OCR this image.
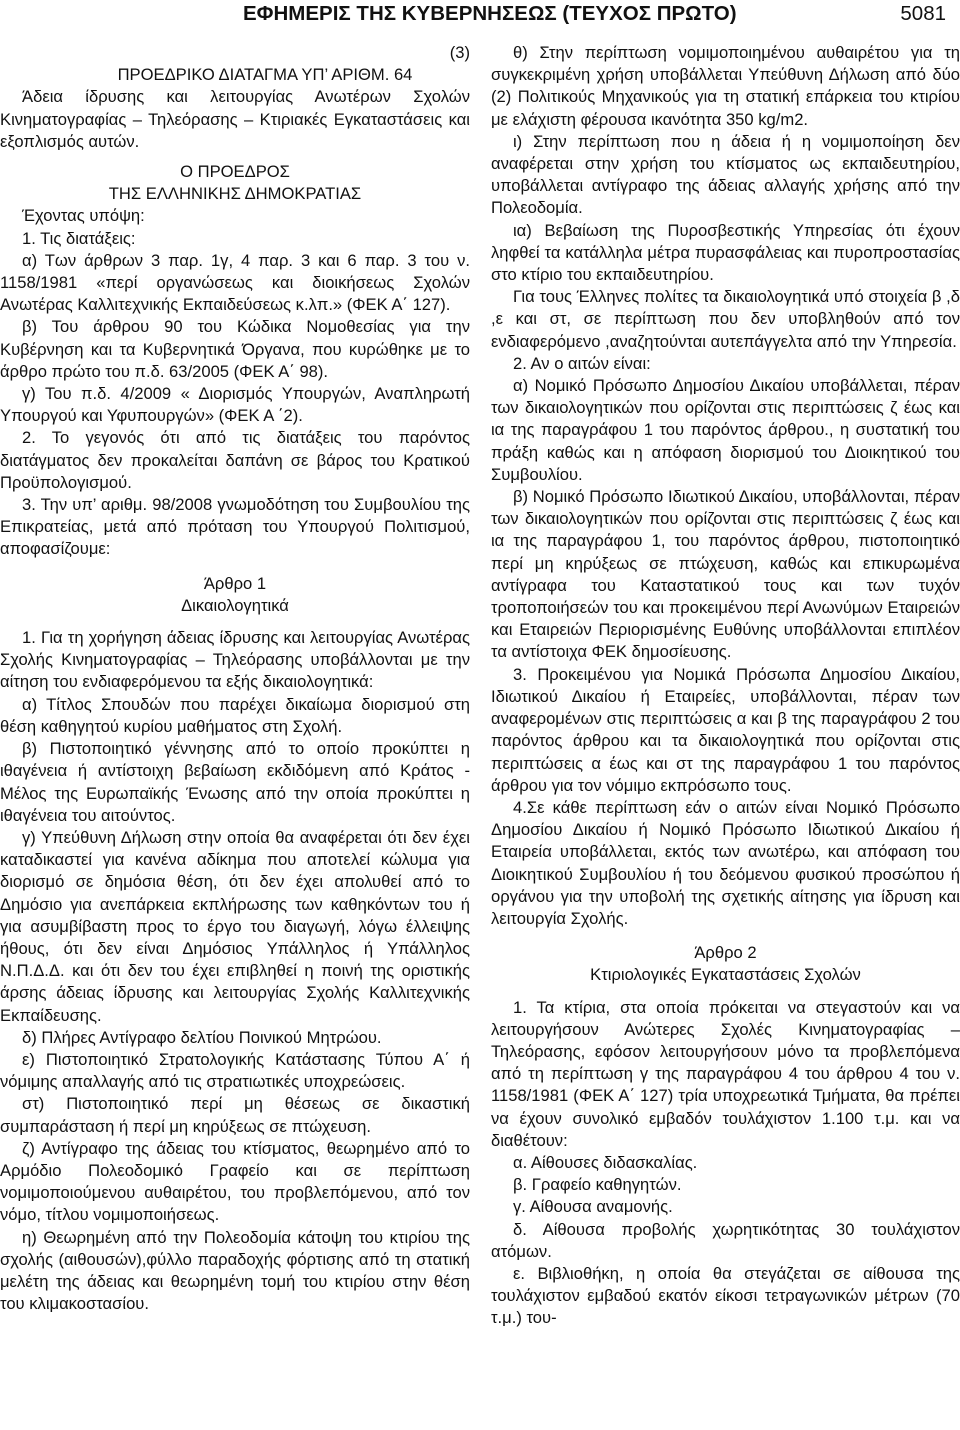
ΕΦΗΜΕΡΙΣ ΤΗΣ ΚΥΒΕΡΝΗΣΕΩΣ (ΤΕΥΧΟΣ ΠΡΩΤΟ)	5081

(3)

ΠΡΟΕΔΡΙΚΟ ΔΙΑΤΑΓΜΑ ΥΠ’ ΑΡΙΘΜ. 64

Άδεια ίδρυσης και λειτουργίας Ανωτέρων Σχολών Κινηματογραφίας – Τηλεόρασης – Κτιριακές Εγκαταστάσεις και εξοπλισμός αυτών.

Ο ΠΡΟΕΔΡΟΣ

ΤΗΣ ΕΛΛΗΝΙΚΗΣ ΔΗΜΟΚΡΑΤΙΑΣ

Έχοντας υπόψη:

1. Τις διατάξεις:

α) Των άρθρων 3 παρ. 1γ, 4 παρ. 3 και 6 παρ. 3 του ν. 1158/1981 «περί οργανώσεως και διοικήσεως Σχολών Ανωτέρας Καλλιτεχνικής Εκπαιδεύσεως κ.λπ.» (ΦΕΚ Α΄ 127).

β) Του άρθρου 90 του Κώδικα Νομοθεσίας για την Κυβέρνηση και τα Κυβερνητικά Όργανα, που κυρώθηκε με το άρθρο πρώτο του π.δ. 63/2005 (ΦΕΚ Α΄ 98).

γ) Του π.δ. 4/2009 « Διορισμός Υπουργών, Αναπληρωτή Υπουργού και Υφυπουργών» (ΦΕΚ Α ΄2).

2. Το γεγονός ότι από τις διατάξεις του παρόντος διατάγματος δεν προκαλείται δαπάνη σε βάρος του Κρατικού Προϋπολογισμού.

3. Την υπ’ αριθμ. 98/2008 γνωμοδότηση του Συμβουλίου της Επικρατείας, μετά από πρόταση του Υπουργού Πολιτισμού, αποφασίζουμε:

Άρθρο 1

Δικαιολογητικά

1. Για τη χορήγηση άδειας ίδρυσης και λειτουργίας Ανωτέρας Σχολής Κινηματογραφίας – Τηλεόρασης υποβάλλονται με την αίτηση του ενδιαφερόμενου τα εξής δικαιολογητικά:

α) Τίτλος Σπουδών που παρέχει δικαίωμα διορισμού στη θέση καθηγητού κυρίου μαθήματος στη Σχολή.

β) Πιστοποιητικό γέννησης από το οποίο προκύπτει η ιθαγένεια ή αντίστοιχη βεβαίωση εκδιδόμενη από Κράτος - Μέλος της Ευρωπαϊκής Ένωσης από την οποία προκύπτει η ιθαγένεια του αιτούντος.

γ) Υπεύθυνη Δήλωση στην οποία θα αναφέρεται ότι δεν έχει καταδικαστεί για κανένα αδίκημα που αποτελεί κώλυμα για διορισμό σε δημόσια θέση, ότι δεν έχει απολυθεί από το Δημόσιο για ανεπάρκεια εκπλήρωσης των καθηκόντων του ή για ασυμβίβαστη προς το έργο του διαγωγή, λόγω έλλειψης ήθους, ότι δεν είναι Δημόσιος Υπάλληλος ή Υπάλληλος Ν.Π.Δ.Δ. και ότι δεν του έχει επιβληθεί η ποινή της οριστικής άρσης άδειας ίδρυσης και λειτουργίας Σχολής Καλλιτεχνικής Εκπαίδευσης.

δ) Πλήρες Αντίγραφο δελτίου Ποινικού Μητρώου.

ε) Πιστοποιητικό Στρατολογικής Κατάστασης Τύπου Α΄ ή νόμιμης απαλλαγής από τις στρατιωτικές υποχρεώσεις.

στ) Πιστοποιητικό περί μη θέσεως σε δικαστική συμπαράσταση ή περί μη κηρύξεως σε πτώχευση.

ζ) Αντίγραφο της άδειας του κτίσματος, θεωρημένο από το Αρμόδιο Πολεοδομικό Γραφείο και σε περίπτωση νομιμοποιούμενου αυθαιρέτου, του προβλεπόμενου, από τον νόμο, τίτλου νομιμοποιήσεως.

η) Θεωρημένη από την Πολεοδομία κάτοψη του κτιρίου της σχολής (αιθουσών),φύλλο παραδοχής φόρτισης από τη στατική μελέτη της άδειας και θεωρημένη τομή του κτιρίου στην θέση του κλιμακοστασίου.

θ) Στην περίπτωση νομιμοποιημένου αυθαιρέτου για τη συγκεκριμένη χρήση υποβάλλεται Υπεύθυνη Δήλωση από δύο (2) Πολιτικούς Μηχανικούς για τη στατική επάρκεια του κτιρίου με ελάχιστη φέρουσα ικανότητα 350 kg/m2.

ι) Στην περίπτωση που η άδεια ή η νομιμοποίηση δεν αναφέρεται στην χρήση του κτίσματος ως εκπαιδευτηρίου, υποβάλλεται αντίγραφο της άδειας αλλαγής χρήσης από την Πολεοδομία.

ια) Βεβαίωση της Πυροσβεστικής Υπηρεσίας ότι έχουν ληφθεί τα κατάλληλα μέτρα πυρασφάλειας και πυροπροστασίας στο κτίριο του εκπαιδευτηρίου.

Για τους Έλληνες πολίτες τα δικαιολογητικά υπό στοιχεία β ,δ ,ε και στ, σε περίπτωση που δεν υποβληθούν από τον ενδιαφερόμενο ,αναζητούνται αυτεπάγγελτα από την Υπηρεσία.

2. Αν ο αιτών είναι:

α) Νομικό Πρόσωπο Δημοσίου Δικαίου υποβάλλεται, πέραν των δικαιολογητικών που ορίζονται στις περιπτώσεις ζ έως και ια της παραγράφου 1 του παρόντος άρθρου., η συστατική του πράξη καθώς και η απόφαση διορισμού του Διοικητικού του Συμβουλίου.

β) Νομικό Πρόσωπο Ιδιωτικού Δικαίου, υποβάλλονται, πέραν των δικαιολογητικών που ορίζονται στις περιπτώσεις ζ έως και ια της παραγράφου 1, του παρόντος άρθρου, πιστοποιητικό περί μη κηρύξεως σε πτώχευση, καθώς και επικυρωμένα αντίγραφα του Καταστατικού τους και των τυχόν τροποποιήσεών του και προκειμένου περί Ανωνύμων Εταιρειών και Εταιρειών Περιορισμένης Ευθύνης υποβάλλονται επιπλέον τα αντίστοιχα ΦΕΚ δημοσίευσης.

3. Προκειμένου για Νομικά Πρόσωπα Δημοσίου Δικαίου, Ιδιωτικού Δικαίου ή Εταιρείες, υποβάλλονται, πέραν των αναφερομένων στις περιπτώσεις α και β της παραγράφου 2 του παρόντος άρθρου και τα δικαιολογητικά που ορίζονται στις περιπτώσεις α έως και στ της παραγράφου 1 του παρόντος άρθρου για τον νόμιμο εκπρόσωπο τους.

4.Σε κάθε περίπτωση εάν ο αιτών είναι Νομικό Πρόσωπο Δημοσίου Δικαίου ή Νομικό Πρόσωπο Ιδιωτικού Δικαίου ή Εταιρεία υποβάλλεται, εκτός των ανωτέρω, και απόφαση του Διοικητικού Συμβουλίου ή του δεόμενου φυσικού προσώπου ή οργάνου για την υποβολή της σχετικής αίτησης για ίδρυση και λειτουργία Σχολής.

Άρθρο 2

Κτιριολογικές Εγκαταστάσεις Σχολών

1. Τα κτίρια, στα οποία πρόκειται να στεγαστούν και να λειτουργήσουν Ανώτερες Σχολές Κινηματογραφίας – Τηλεόρασης, εφόσον λειτουργήσουν μόνο τα προβλεπόμενα από τη περίπτωση γ της παραγράφου 4 του άρθρου 4 του ν. 1158/1981 (ΦΕΚ Α΄ 127) τρία υποχρεωτικά Τμήματα, θα πρέπει να έχουν συνολικό εμβαδόν τουλάχιστον 1.100 τ.μ. και να διαθέτουν:

α. Αίθουσες διδασκαλίας.

β. Γραφείο καθηγητών.

γ. Αίθουσα αναμονής.

δ. Αίθουσα προβολής χωρητικότητας 30 τουλάχιστον ατόμων.

ε. Βιβλιοθήκη, η οποία θα στεγάζεται σε αίθουσα της τουλάχιστον εμβαδού εκατόν είκοσι τετραγωνικών μέτρων (70 τ.μ.) του-
